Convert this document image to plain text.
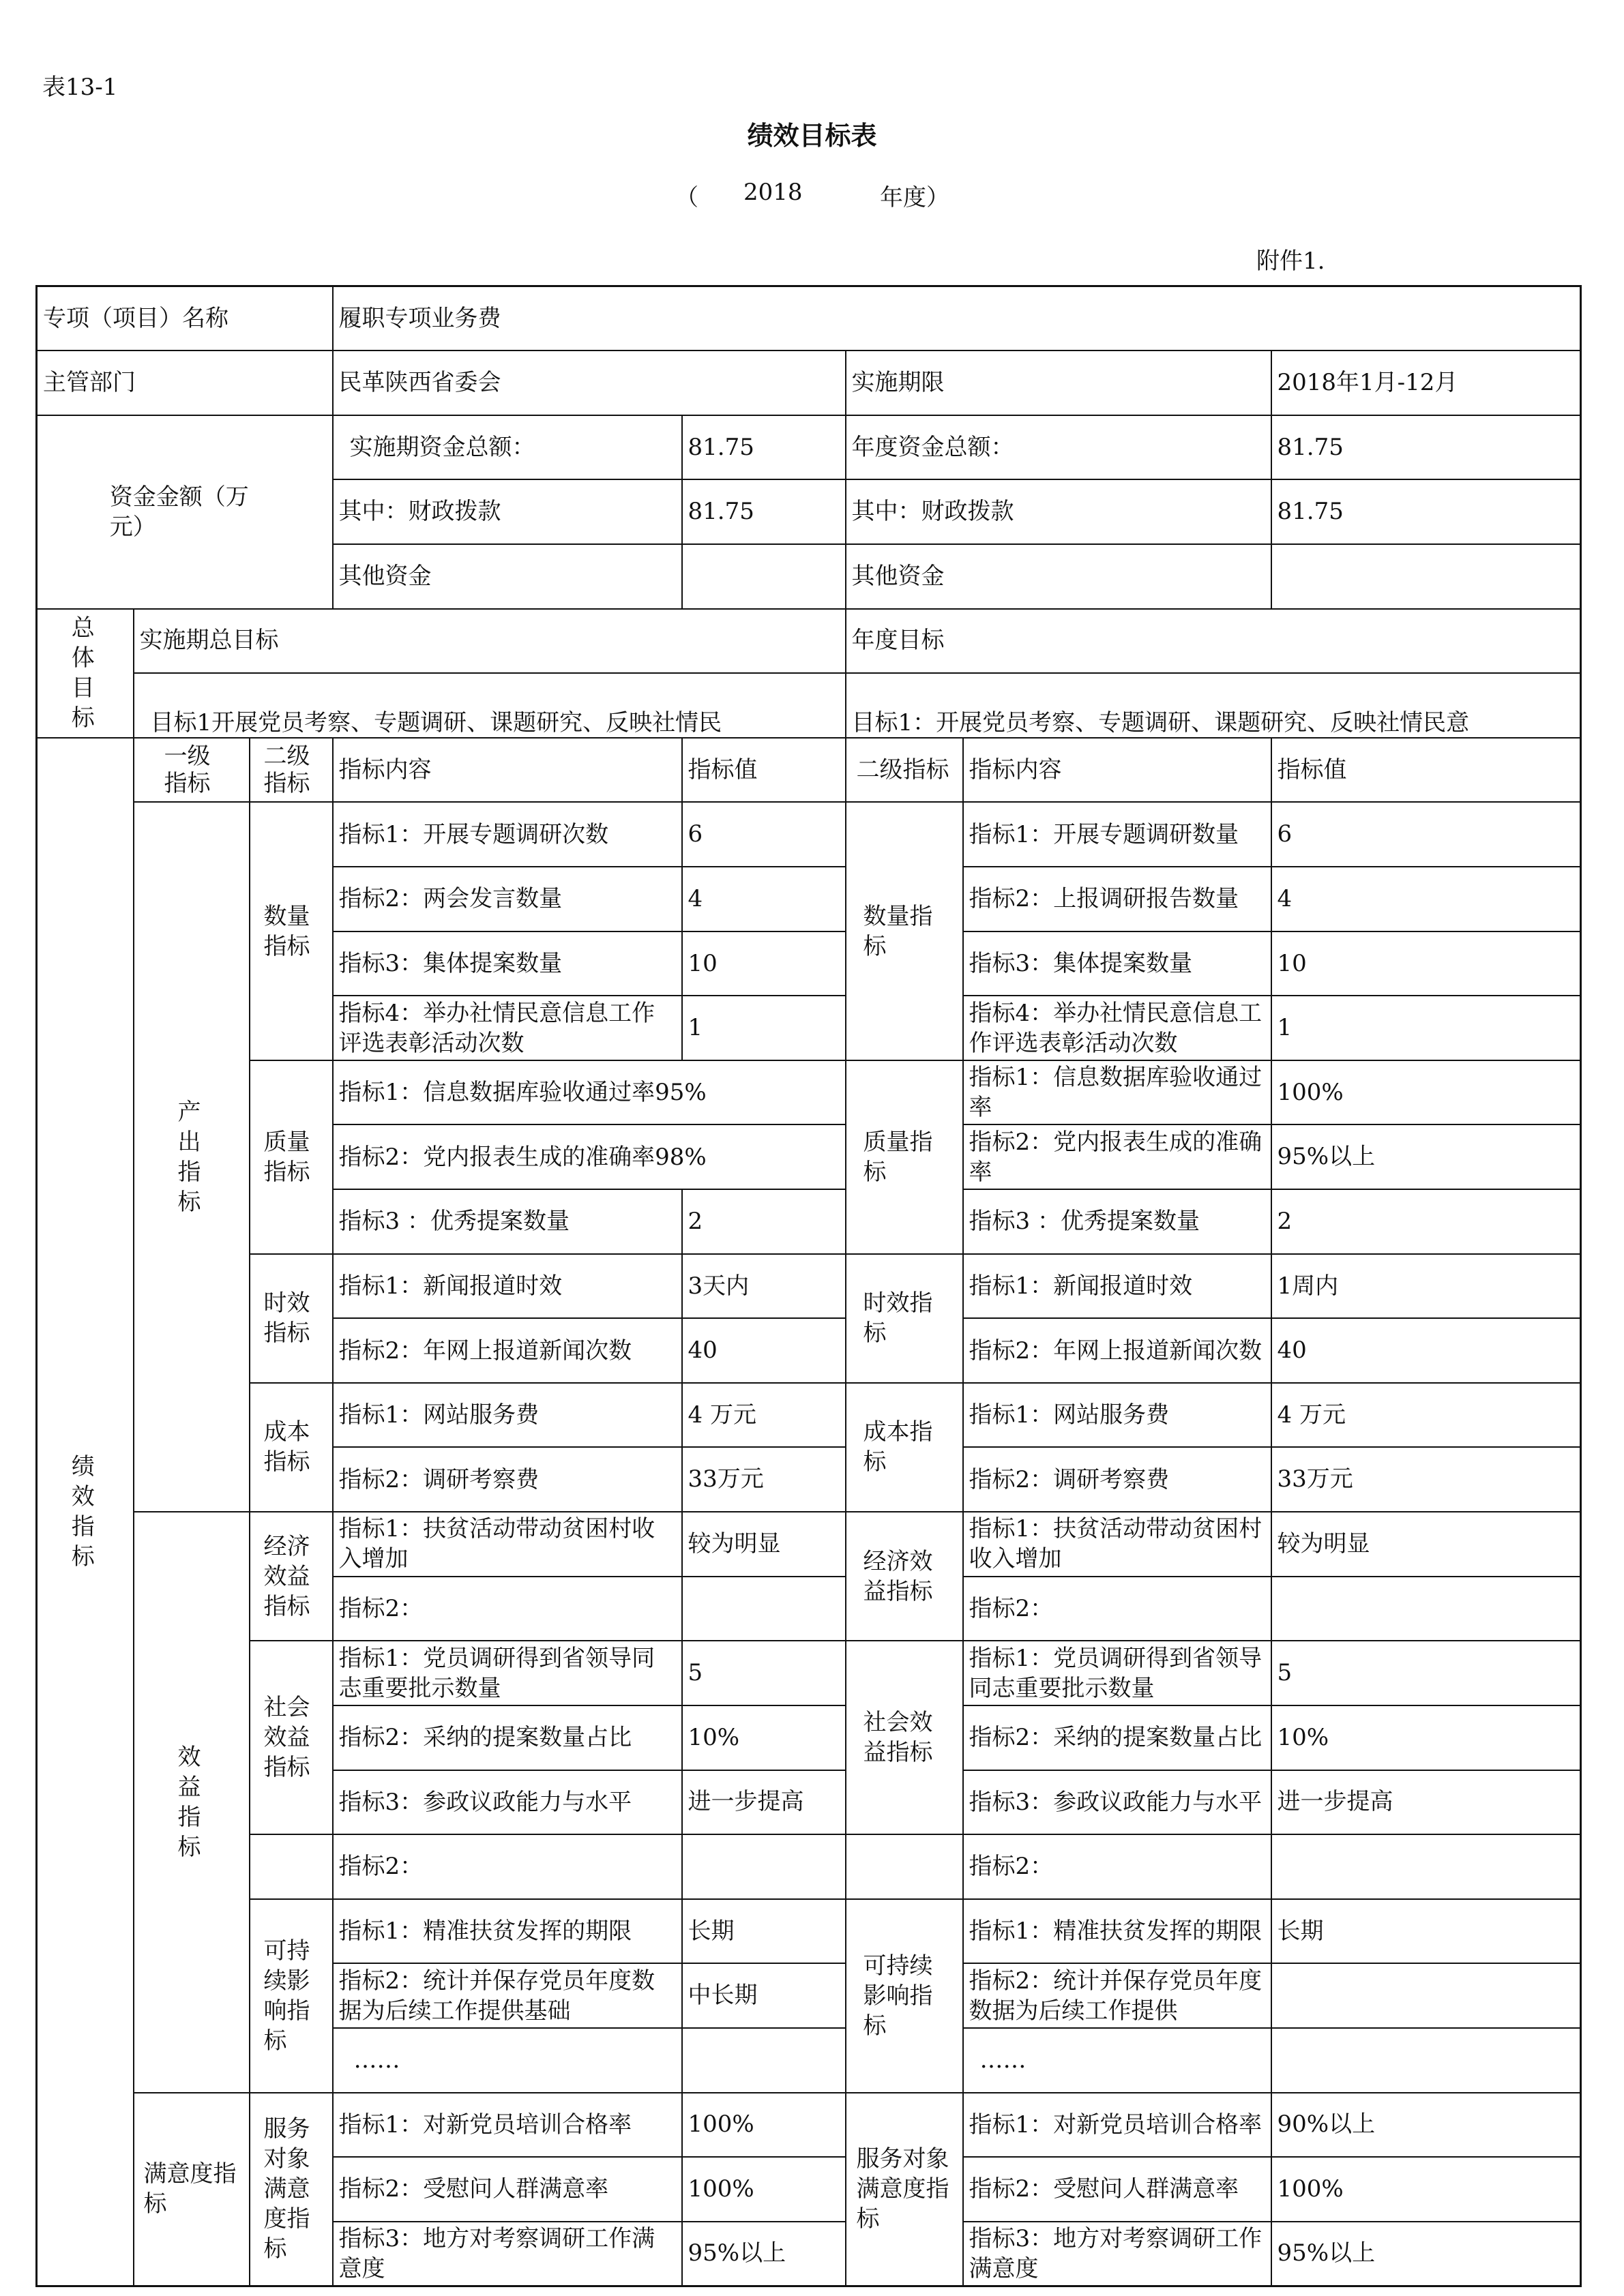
表13-1
绩效目标表
（ 2018	年度）
附件1.
专项（项目）名称			履职专项业务费				
主管部门			民革陕西省委会		实施期限		2018年1月-12月

资金金额（万元）			实施期资金总额：	81.75	年度资金总额：		81.75
			其中：财政拨款	81.75	其中：财政拨款		81.75
			其他资金		其他资金		

总体目标	实施期总目标				年度目标		
	目标1开展党员考察、专题调研、课题研究、反映社情民				目标1：开展党员考察、专题调研、课题研究、反映社情民意		

绩效指标	一级指标	二级指标	指标内容	指标值	二级指标	指标内容	指标值

	产出指标	数量指标	指标1：开展专题调研次数	6	数量指标	指标1：开展专题调研数量	6

			指标2：两会发言数量	4		指标2：上报调研报告数量	4

			指标3：集体提案数量	10		指标3：集体提案数量	10

			指标4：举办社情民意信息工作评选表彰活动次数	1		指标4：举办社情民意信息工作评选表彰活动次数	1

		质量指标	指标1：信息数据库验收通过率95%		质量指标	指标1：信息数据库验收通过率	100%

			指标2：党内报表生成的准确率98%			指标2：党内报表生成的准确率	95%以上

			指标3 ：优秀提案数量	2		指标3 ：优秀提案数量	2

		时效指标	指标1：新闻报道时效	3天内	时效指标	指标1：新闻报道时效	1周内

			指标2：年网上报道新闻次数	40		指标2：年网上报道新闻次数	40

		成本指标	指标1：网站服务费	4 万元	成本指标	指标1：网站服务费	4 万元

			指标2：调研考察费	33万元		指标2：调研考察费	33万元

	效益指标	经济效益指标	指标1：扶贫活动带动贫困村收入增加	较为明显	经济效益指标	指标1：扶贫活动带动贫困村收入增加	较为明显

			指标2：			指标2：	

		社会效益指标	指标1：党员调研得到省领导同志重要批示数量	5	社会效益指标	指标1：党员调研得到省领导同志重要批示数量	5

			指标2：采纳的提案数量占比	10%		指标2：采纳的提案数量占比	10%

			指标3：参政议政能力与水平	进一步提高		指标3：参政议政能力与水平	进一步提高

			指标2：			指标2：	

		可持续影响指标	指标1：精准扶贫发挥的期限	长期	可持续影响指标	指标1：精准扶贫发挥的期限	长期

			指标2：统计并保存党员年度数据为后续工作提供基础	中长期		指标2：统计并保存党员年度数据为后续工作提供	

			……			……	

	满意度指标	服务对象满意度指标	指标1：对新党员培训合格率	100%	服务对象满意度指标	指标1：对新党员培训合格率	90%以上

			指标2：受慰问人群满意率	100%		指标2：受慰问人群满意率	100%

			指标3：地方对考察调研工作满意度	95%以上		指标3：地方对考察调研工作满意度	95%以上
